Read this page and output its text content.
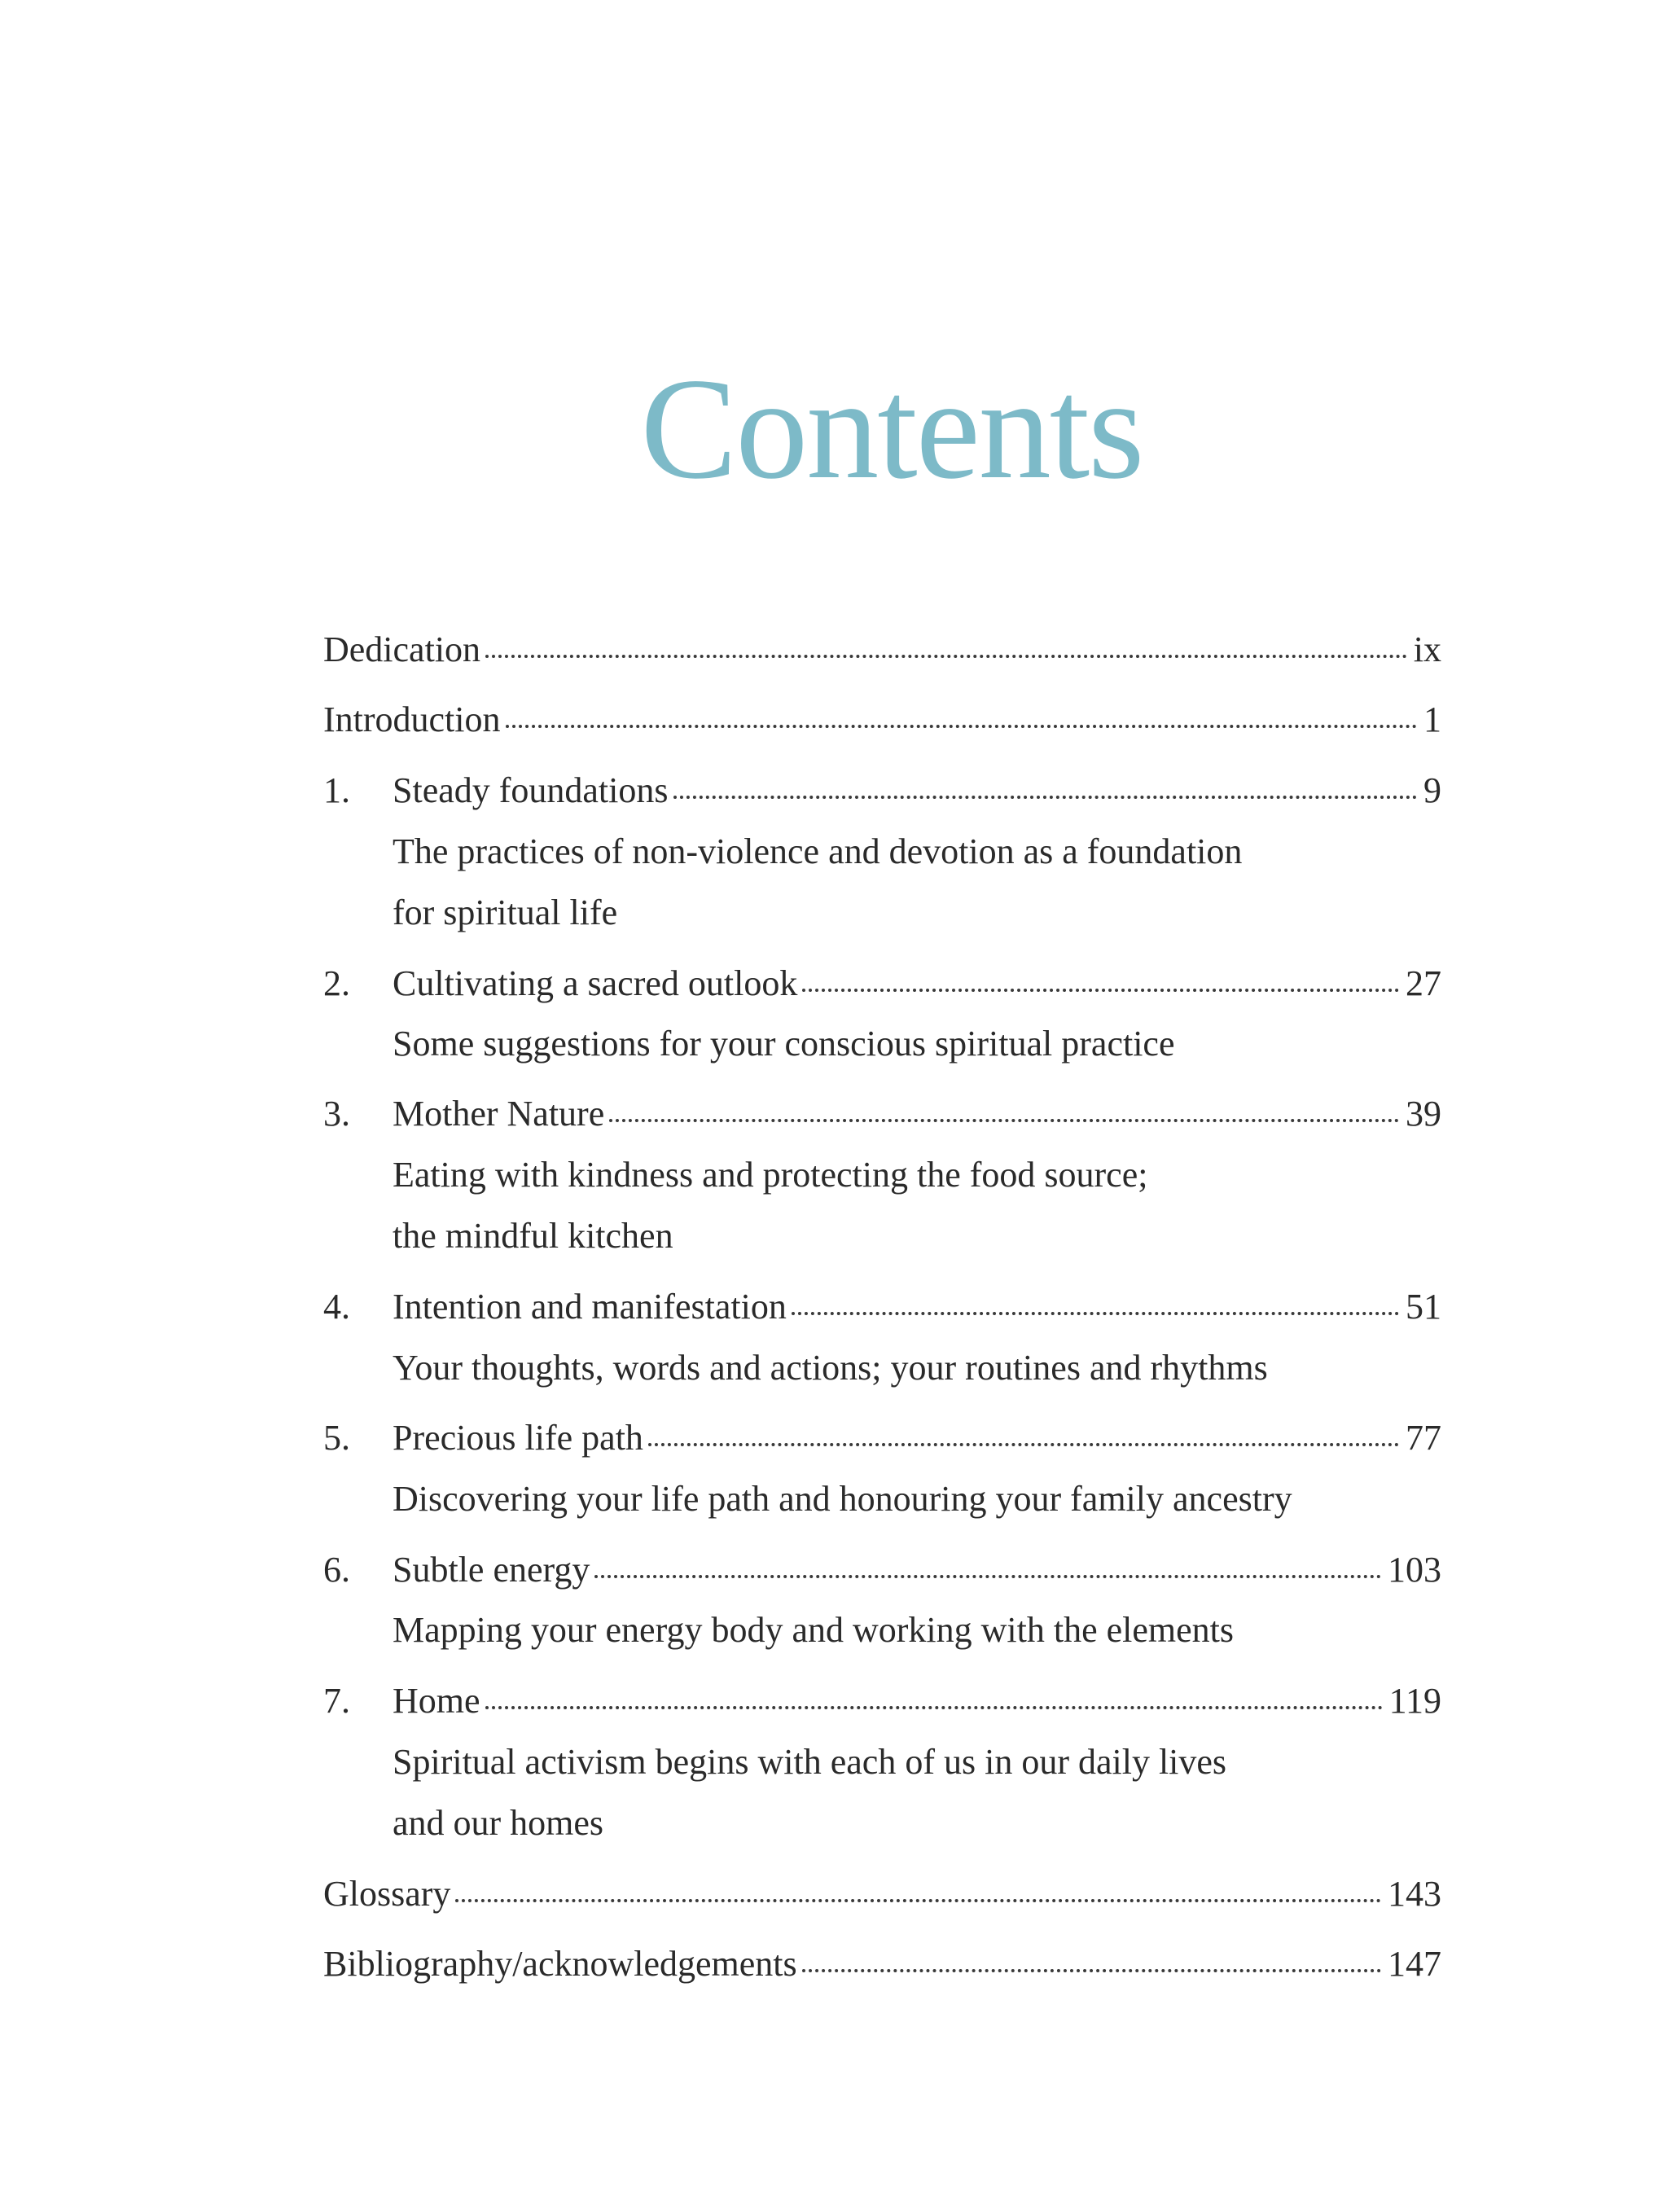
Contents
Dedication	ix
Introduction	1
1.	Steady foundations	9
The practices of non-violence and devotion as a foundation
for spiritual life
2.	Cultivating a sacred outlook	27
Some suggestions for your conscious spiritual practice
3.	Mother Nature	39
Eating with kindness and protecting the food source;
the mindful kitchen
4.	Intention and manifestation	51
Your thoughts, words and actions; your routines and rhythms
5.	Precious life path	77
Discovering your life path and honouring your family ancestry
6.	Subtle energy	103
Mapping your energy body and working with the elements
7.	Home	119
Spiritual activism begins with each of us in our daily lives
and our homes
Glossary	143
Bibliography/acknowledgements	147
